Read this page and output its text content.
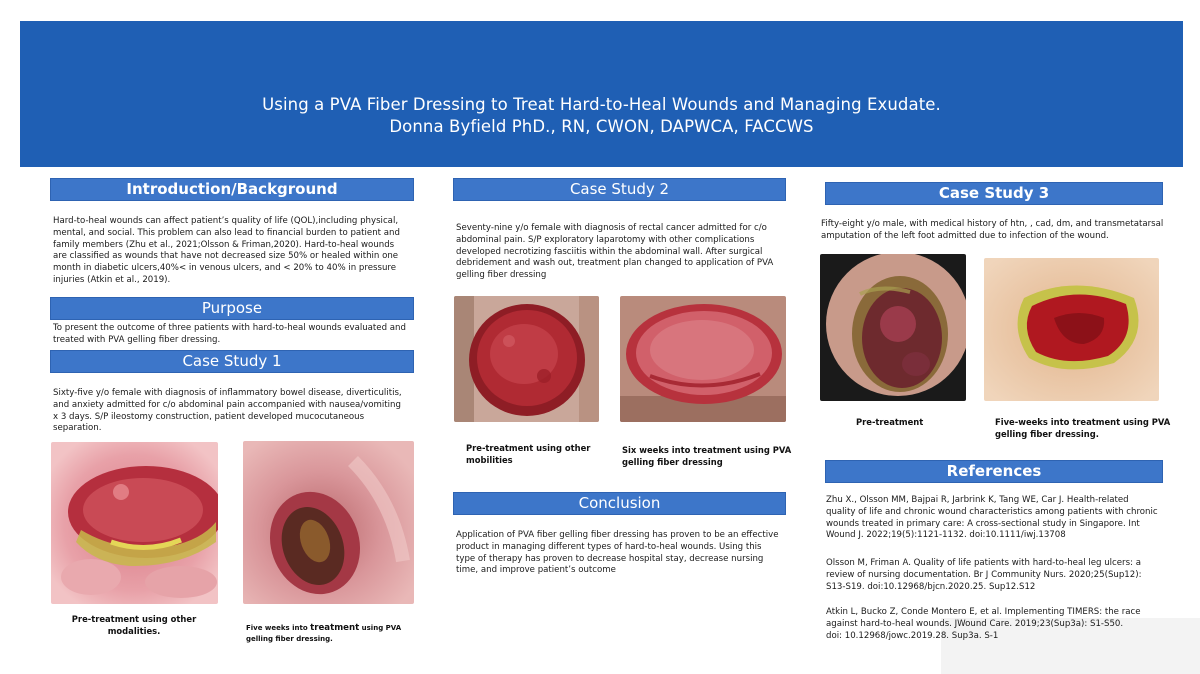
Using a PVA Fiber Dressing to Treat Hard-to-Heal Wounds and Managing Exudate.
Donna Byfield PhD., RN, CWON, DAPWCA, FACCWS
Introduction/Background
Hard-to-heal wounds can affect patient’s quality of life (QOL),including physical,
mental, and social. This problem can also lead to financial burden to patient and
family members (Zhu et al., 2021;Olsson & Friman,2020). Hard-to-heal wounds
are classified as wounds that have not decreased size 50% or healed within one
month in diabetic ulcers,40%< in venous ulcers, and < 20% to 40% in pressure
injuries (Atkin et al., 2019).
Purpose
To present the outcome of three patients with hard-to-heal wounds evaluated and
treated with PVA gelling fiber dressing.
Case Study 1
Sixty-five y/o female with diagnosis of inflammatory bowel disease, diverticulitis,
and anxiety admitted for c/o abdominal pain accompanied with nausea/vomiting
x 3 days. S/P ileostomy construction, patient developed mucocutaneous
separation.
Pre-treatment using other
modalities.	Five weeks into treatment using PVA
gelling fiber dressing.
Case Study 2
Seventy-nine y/o female with diagnosis of rectal cancer admitted for c/o
abdominal pain. S/P exploratory laparotomy with other complications
developed necrotizing fasciitis within the abdominal wall. After surgical
debridement and wash out, treatment plan changed to application of PVA
gelling fiber dressing
Pre-treatment using other
mobilities
Six weeks into treatment using PVA
gelling fiber dressing
Conclusion
Application of PVA fiber gelling fiber dressing has proven to be an effective
product in managing different types of hard-to-heal wounds. Using this
type of therapy has proven to decrease hospital stay, decrease nursing
time, and improve patient’s outcome
Case Study 3
Fifty-eight y/o male, with medical history of htn, , cad, dm, and transmetatarsal
amputation of the left foot admitted due to infection of the wound.
Pre-treatment	Five-weeks into treatment using PVA
gelling fiber dressing.
References
Zhu X., Olsson MM, Bajpai R, Jarbrink K, Tang WE, Car J. Health-related
quality of life and chronic wound characteristics among patients with chronic
wounds treated in primary care: A cross-sectional study in Singapore. Int
Wound J. 2022;19(5):1121-1132. doi:10.1111/iwj.13708
Olsson M, Friman A. Quality of life patients with hard-to-heal leg ulcers: a
review of nursing documentation. Br J Community Nurs. 2020;25(Sup12):
S13-S19. doi:10.12968/bjcn.2020.25. Sup12.S12
Atkin L, Bucko Z, Conde Montero E, et al. Implementing TIMERS: the race
against hard-to-heal wounds. JWound Care. 2019;23(Sup3a): S1-S50.
doi: 10.12968/jowc.2019.28. Sup3a. S-1
